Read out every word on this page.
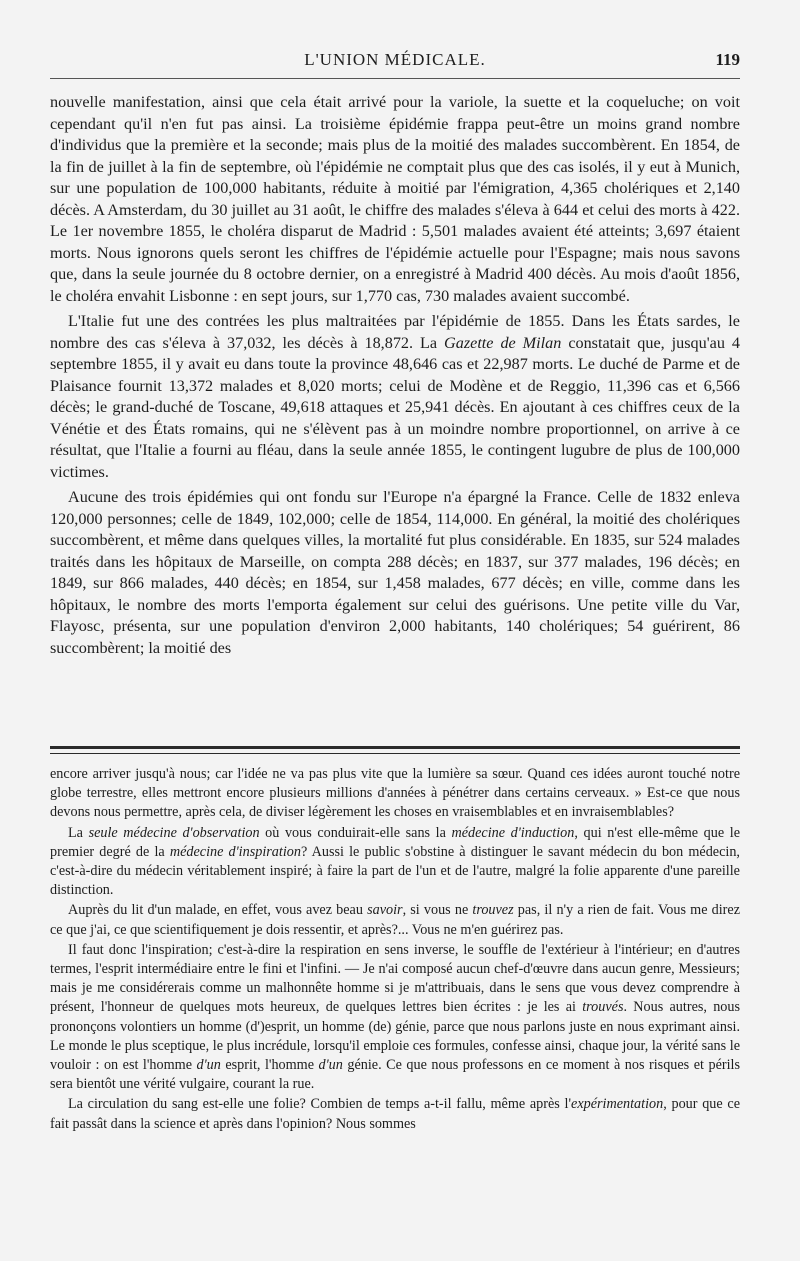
L'UNION MÉDICALE.	119

nouvelle manifestation, ainsi que cela était arrivé pour la variole, la suette et la coqueluche; on voit cependant qu'il n'en fut pas ainsi. La troisième épidémie frappa peut-être un moins grand nombre d'individus que la première et la seconde; mais plus de la moitié des malades succombèrent. En 1854, de la fin de juillet à la fin de septembre, où l'épidémie ne comptait plus que des cas isolés, il y eut à Munich, sur une population de 100,000 habitants, réduite à moitié par l'émigration, 4,365 cholériques et 2,140 décès. A Amsterdam, du 30 juillet au 31 août, le chiffre des malades s'éleva à 644 et celui des morts à 422. Le 1er novembre 1855, le choléra disparut de Madrid : 5,501 malades avaient été atteints; 3,697 étaient morts. Nous ignorons quels seront les chiffres de l'épidémie actuelle pour l'Espagne; mais nous savons que, dans la seule journée du 8 octobre dernier, on a enregistré à Madrid 400 décès. Au mois d'août 1856, le choléra envahit Lisbonne : en sept jours, sur 1,770 cas, 730 malades avaient succombé.

L'Italie fut une des contrées les plus maltraitées par l'épidémie de 1855. Dans les États sardes, le nombre des cas s'éleva à 37,032, les décès à 18,872. La Gazette de Milan constatait que, jusqu'au 4 septembre 1855, il y avait eu dans toute la province 48,646 cas et 22,987 morts. Le duché de Parme et de Plaisance fournit 13,372 malades et 8,020 morts; celui de Modène et de Reggio, 11,396 cas et 6,566 décès; le grand-duché de Toscane, 49,618 attaques et 25,941 décès. En ajoutant à ces chiffres ceux de la Vénétie et des États romains, qui ne s'élèvent pas à un moindre nombre proportionnel, on arrive à ce résultat, que l'Italie a fourni au fléau, dans la seule année 1855, le contingent lugubre de plus de 100,000 victimes.

Aucune des trois épidémies qui ont fondu sur l'Europe n'a épargné la France. Celle de 1832 enleva 120,000 personnes; celle de 1849, 102,000; celle de 1854, 114,000. En général, la moitié des cholériques succombèrent, et même dans quelques villes, la mortalité fut plus considérable. En 1835, sur 524 malades traités dans les hôpitaux de Marseille, on compta 288 décès; en 1837, sur 377 malades, 196 décès; en 1849, sur 866 malades, 440 décès; en 1854, sur 1,458 malades, 677 décès; en ville, comme dans les hôpitaux, le nombre des morts l'emporta également sur celui des guérisons. Une petite ville du Var, Flayosc, présenta, sur une population d'environ 2,000 habitants, 140 cholériques; 54 guérirent, 86 succombèrent; la moitié des

encore arriver jusqu'à nous; car l'idée ne va pas plus vite que la lumière sa sœur. Quand ces idées auront touché notre globe terrestre, elles mettront encore plusieurs millions d'années à pénétrer dans certains cerveaux. » Est-ce que nous devons nous permettre, après cela, de diviser légèrement les choses en vraisemblables et en invraisemblables?

La seule médecine d'observation où vous conduirait-elle sans la médecine d'induction, qui n'est elle-même que le premier degré de la médecine d'inspiration? Aussi le public s'obstine à distinguer le savant médecin du bon médecin, c'est-à-dire du médecin véritablement inspiré; à faire la part de l'un et de l'autre, malgré la folie apparente d'une pareille distinction.

Auprès du lit d'un malade, en effet, vous avez beau savoir, si vous ne trouvez pas, il n'y a rien de fait. Vous me direz ce que j'ai, ce que scientifiquement je dois ressentir, et après?... Vous ne m'en guérirez pas.

Il faut donc l'inspiration; c'est-à-dire la respiration en sens inverse, le souffle de l'extérieur à l'intérieur; en d'autres termes, l'esprit intermédiaire entre le fini et l'infini. — Je n'ai composé aucun chef-d'œuvre dans aucun genre, Messieurs; mais je me considérerais comme un malhonnête homme si je m'attribuais, dans le sens que vous devez comprendre à présent, l'honneur de quelques mots heureux, de quelques lettres bien écrites : je les ai trouvés. Nous autres, nous prononçons volontiers un homme (d')esprit, un homme (de) génie, parce que nous parlons juste en nous exprimant ainsi. Le monde le plus sceptique, le plus incrédule, lorsqu'il emploie ces formules, confesse ainsi, chaque jour, la vérité sans le vouloir : on est l'homme d'un esprit, l'homme d'un génie. Ce que nous professons en ce moment à nos risques et périls sera bientôt une vérité vulgaire, courant la rue.

La circulation du sang est-elle une folie? Combien de temps a-t-il fallu, même après l'expérimentation, pour que ce fait passât dans la science et après dans l'opinion? Nous sommes
